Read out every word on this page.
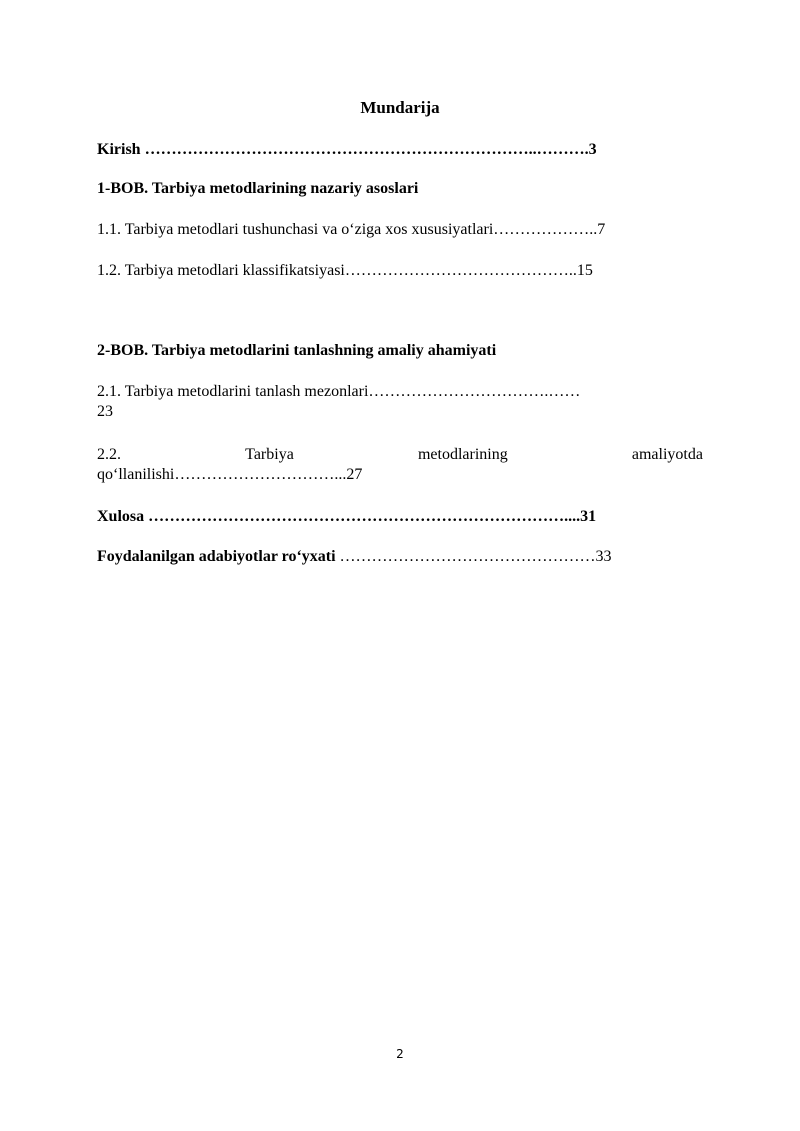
Mundarija
Kirish ………………………………………………………………..……….3
1-BOB. Tarbiya metodlarining nazariy asoslari
1.1. Tarbiya metodlari tushunchasi va o‘ziga xos xususiyatlari………………..7
1.2. Tarbiya metodlari klassifikatsiyasi……………………………………..15
2-BOB. Tarbiya metodlarini tanlashning amaliy ahamiyati
2.1. Tarbiya metodlarini tanlash mezonlari…………………………….……
23
2.2.	Tarbiya	metodlarining	amaliyotda
qo‘llanilishi…………………………...27
Xulosa ……………………………………………………………………....31
Foydalanilgan adabiyotlar ro‘yxati …………………………………………33
2
